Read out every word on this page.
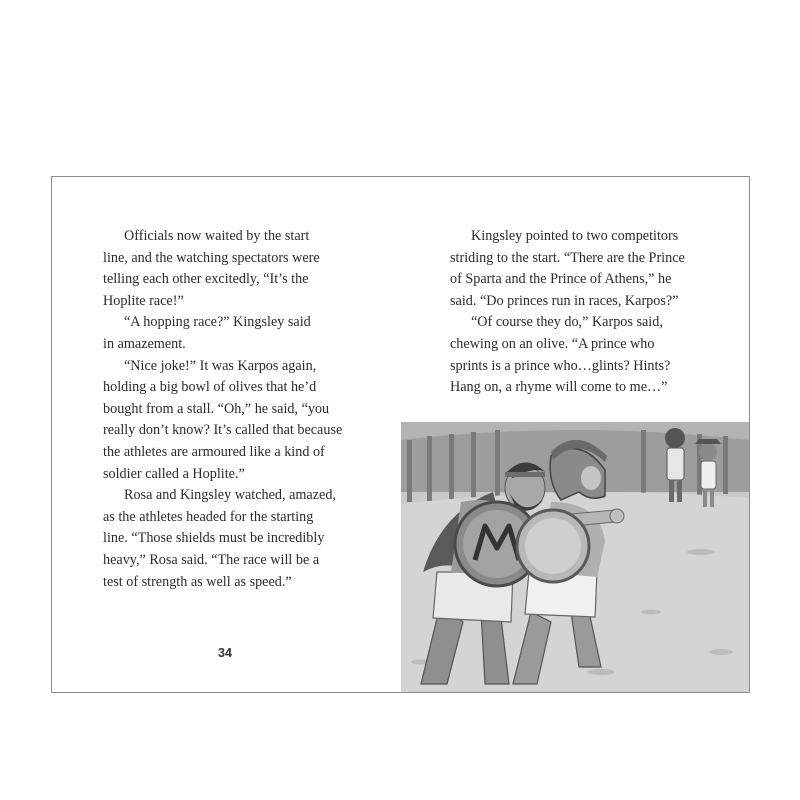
Officials now waited by the start
line, and the watching spectators were
telling each other excitedly, “It’s the
Hoplite race!”
“A hopping race?” Kingsley said
in amazement.
“Nice joke!” It was Karpos again,
holding a big bowl of olives that he’d
bought from a stall. “Oh,” he said, “you
really don’t know? It’s called that because
the athletes are armoured like a kind of
soldier called a Hoplite.”
Rosa and Kingsley watched, amazed,
as the athletes headed for the starting
line. “Those shields must be incredibly
heavy,” Rosa said. “The race will be a
test of strength as well as speed.”
34
Kingsley pointed to two competitors
striding to the start. “There are the Prince
of Sparta and the Prince of Athens,” he
said. “Do princes run in races, Karpos?”
“Of course they do,” Karpos said,
chewing on an olive. “A prince who
sprints is a prince who…glints? Hints?
Hang on, a rhyme will come to me…”
